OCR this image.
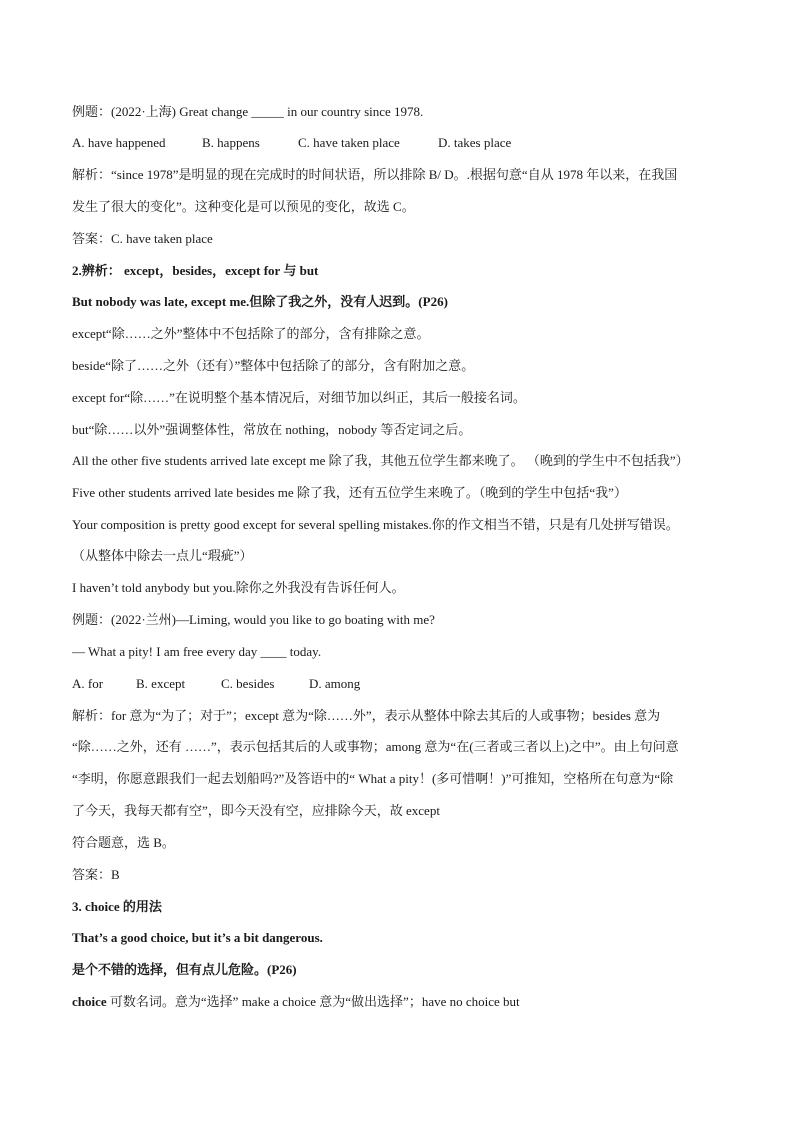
例题：(2022·上海) Great change _____ in our country since 1978.
A. have happened	B. happens	C. have taken place	D. takes place
解析：“since 1978”是明显的现在完成时的时间状语，所以排除 B/ D。.根据句意“自从 1978 年以来，在我国
发生了很大的变化”。这种变化是可以预见的变化，故选 C。
答案：C. have taken place
2.辨析： except，besides，except for 与 but
But nobody was late, except me.但除了我之外，没有人迟到。(P26)
except“除……之外”整体中不包括除了的部分，含有排除之意。
beside“除了……之外（还有）”整体中包括除了的部分，含有附加之意。
except for“除……”在说明整个基本情况后，对细节加以纠正，其后一般接名词。
but“除……以外”强调整体性，常放在 nothing，nobody 等否定词之后。
All the other five students arrived late except me 除了我，其他五位学生都来晚了。 （晚到的学生中不包括我”）
Five other students arrived late besides me 除了我，还有五位学生来晚了。（晚到的学生中包括“我”）
Your composition is pretty good except for several spelling mistakes.你的作文相当不错，只是有几处拼写错误。
（从整体中除去一点儿“瑕疵”）
I haven’t told anybody but you.除你之外我没有告诉任何人。
例题：(2022·兰州)—Liming, would you like to go boating with me?
— What a pity! I am free every day ____ today.
A. for	B. except	C. besides	D. among
解析：for 意为“为了；对于”；except 意为“除……外”，表示从整体中除去其后的人或事物；besides 意为
“除……之外，还有 ……”，表示包括其后的人或事物；among 意为“在(三者或三者以上)之中”。由上句问意
“李明，你愿意跟我们一起去划船吗?”及答语中的“ What a pity！(多可惜啊！)”可推知，空格所在句意为“除
了今天，我每天都有空”，即今天没有空，应排除今天，故 except
符合题意，选 B。
答案：B
3. choice 的用法
That’s a good choice, but it’s a bit dangerous.
是个不错的选择，但有点儿危险。(P26)
choice 可数名词。意为“选择” make a choice 意为“做出选择”；have no choice but
